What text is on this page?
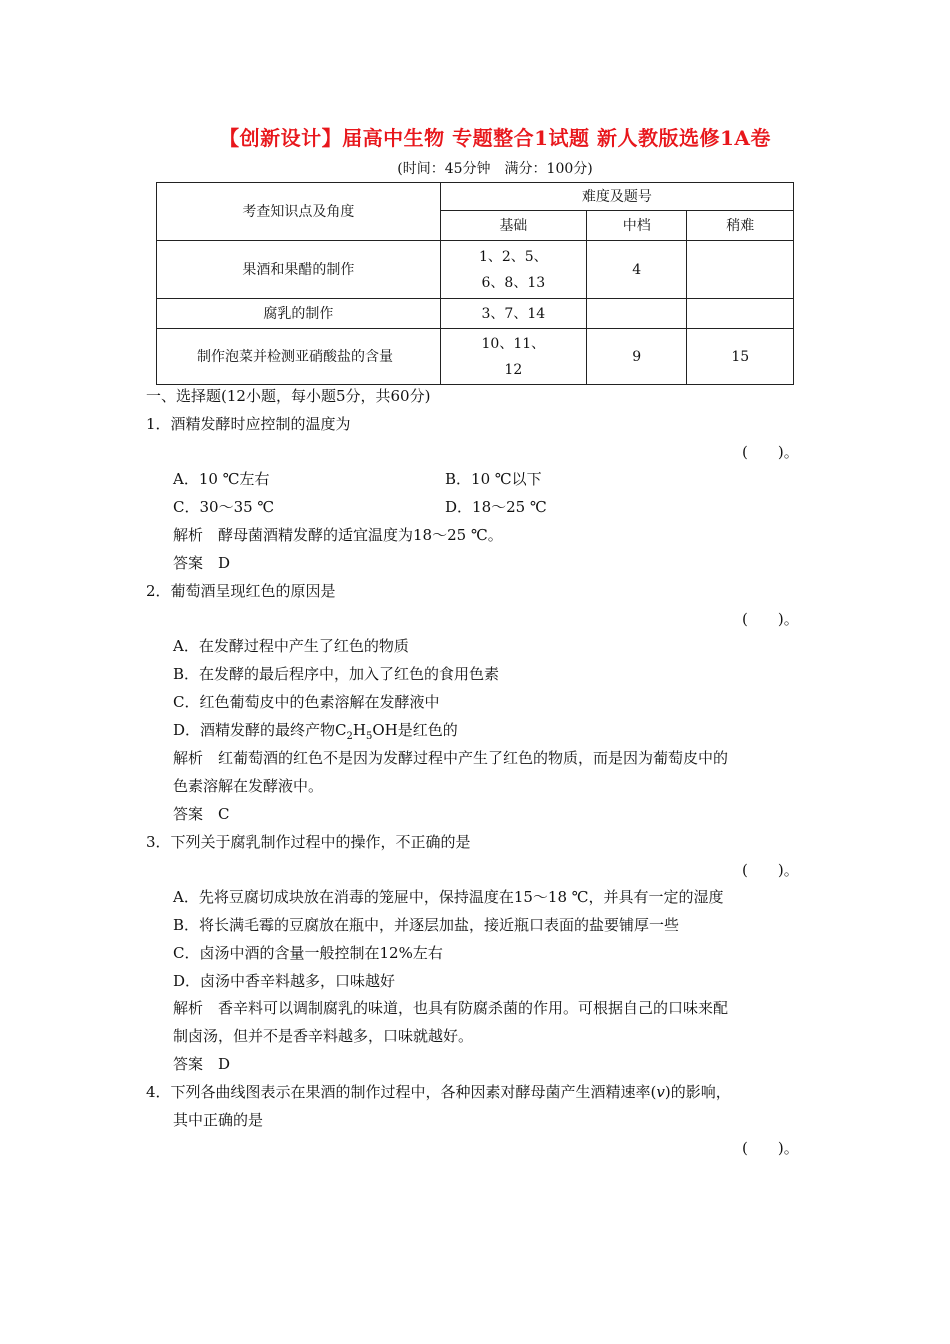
【创新设计】届高中生物 专题整合1试题 新人教版选修1A卷
(时间：45分钟　满分：100分)
考查知识点及角度	难度及题号		
	基础	中档	稍难
果酒和果醋的制作	1、2、5、
6、8、13	4	
腐乳的制作	3、7、14		
制作泡菜并检测亚硝酸盐的含量	10、11、
12	9	15
一、选择题(12小题，每小题5分，共60分)
1．酒精发酵时应控制的温度为
(　　)。
A．10 ℃左右	B．10 ℃以下
C．30～35 ℃	D．18～25 ℃
解析　酵母菌酒精发酵的适宜温度为18～25 ℃。
答案　D
2．葡萄酒呈现红色的原因是
(　　)。
A．在发酵过程中产生了红色的物质
B．在发酵的最后程序中，加入了红色的食用色素
C．红色葡萄皮中的色素溶解在发酵液中
D．酒精发酵的最终产物$C_2H_5OH$是红色的
解析　红葡萄酒的红色不是因为发酵过程中产生了红色的物质，而是因为葡萄皮中的
色素溶解在发酵液中。
答案　C
3．下列关于腐乳制作过程中的操作，不正确的是
(　　)。
A．先将豆腐切成块放在消毒的笼屉中，保持温度在15～18 ℃，并具有一定的湿度
B．将长满毛霉的豆腐放在瓶中，并逐层加盐，接近瓶口表面的盐要铺厚一些
C．卤汤中酒的含量一般控制在12%左右
D．卤汤中香辛料越多，口味越好
解析　香辛料可以调制腐乳的味道，也具有防腐杀菌的作用。可根据自己的口味来配
制卤汤，但并不是香辛料越多，口味就越好。
答案　D
4．下列各曲线图表示在果酒的制作过程中，各种因素对酵母菌产生酒精速率(v)的影响，
其中正确的是
(　　)。
